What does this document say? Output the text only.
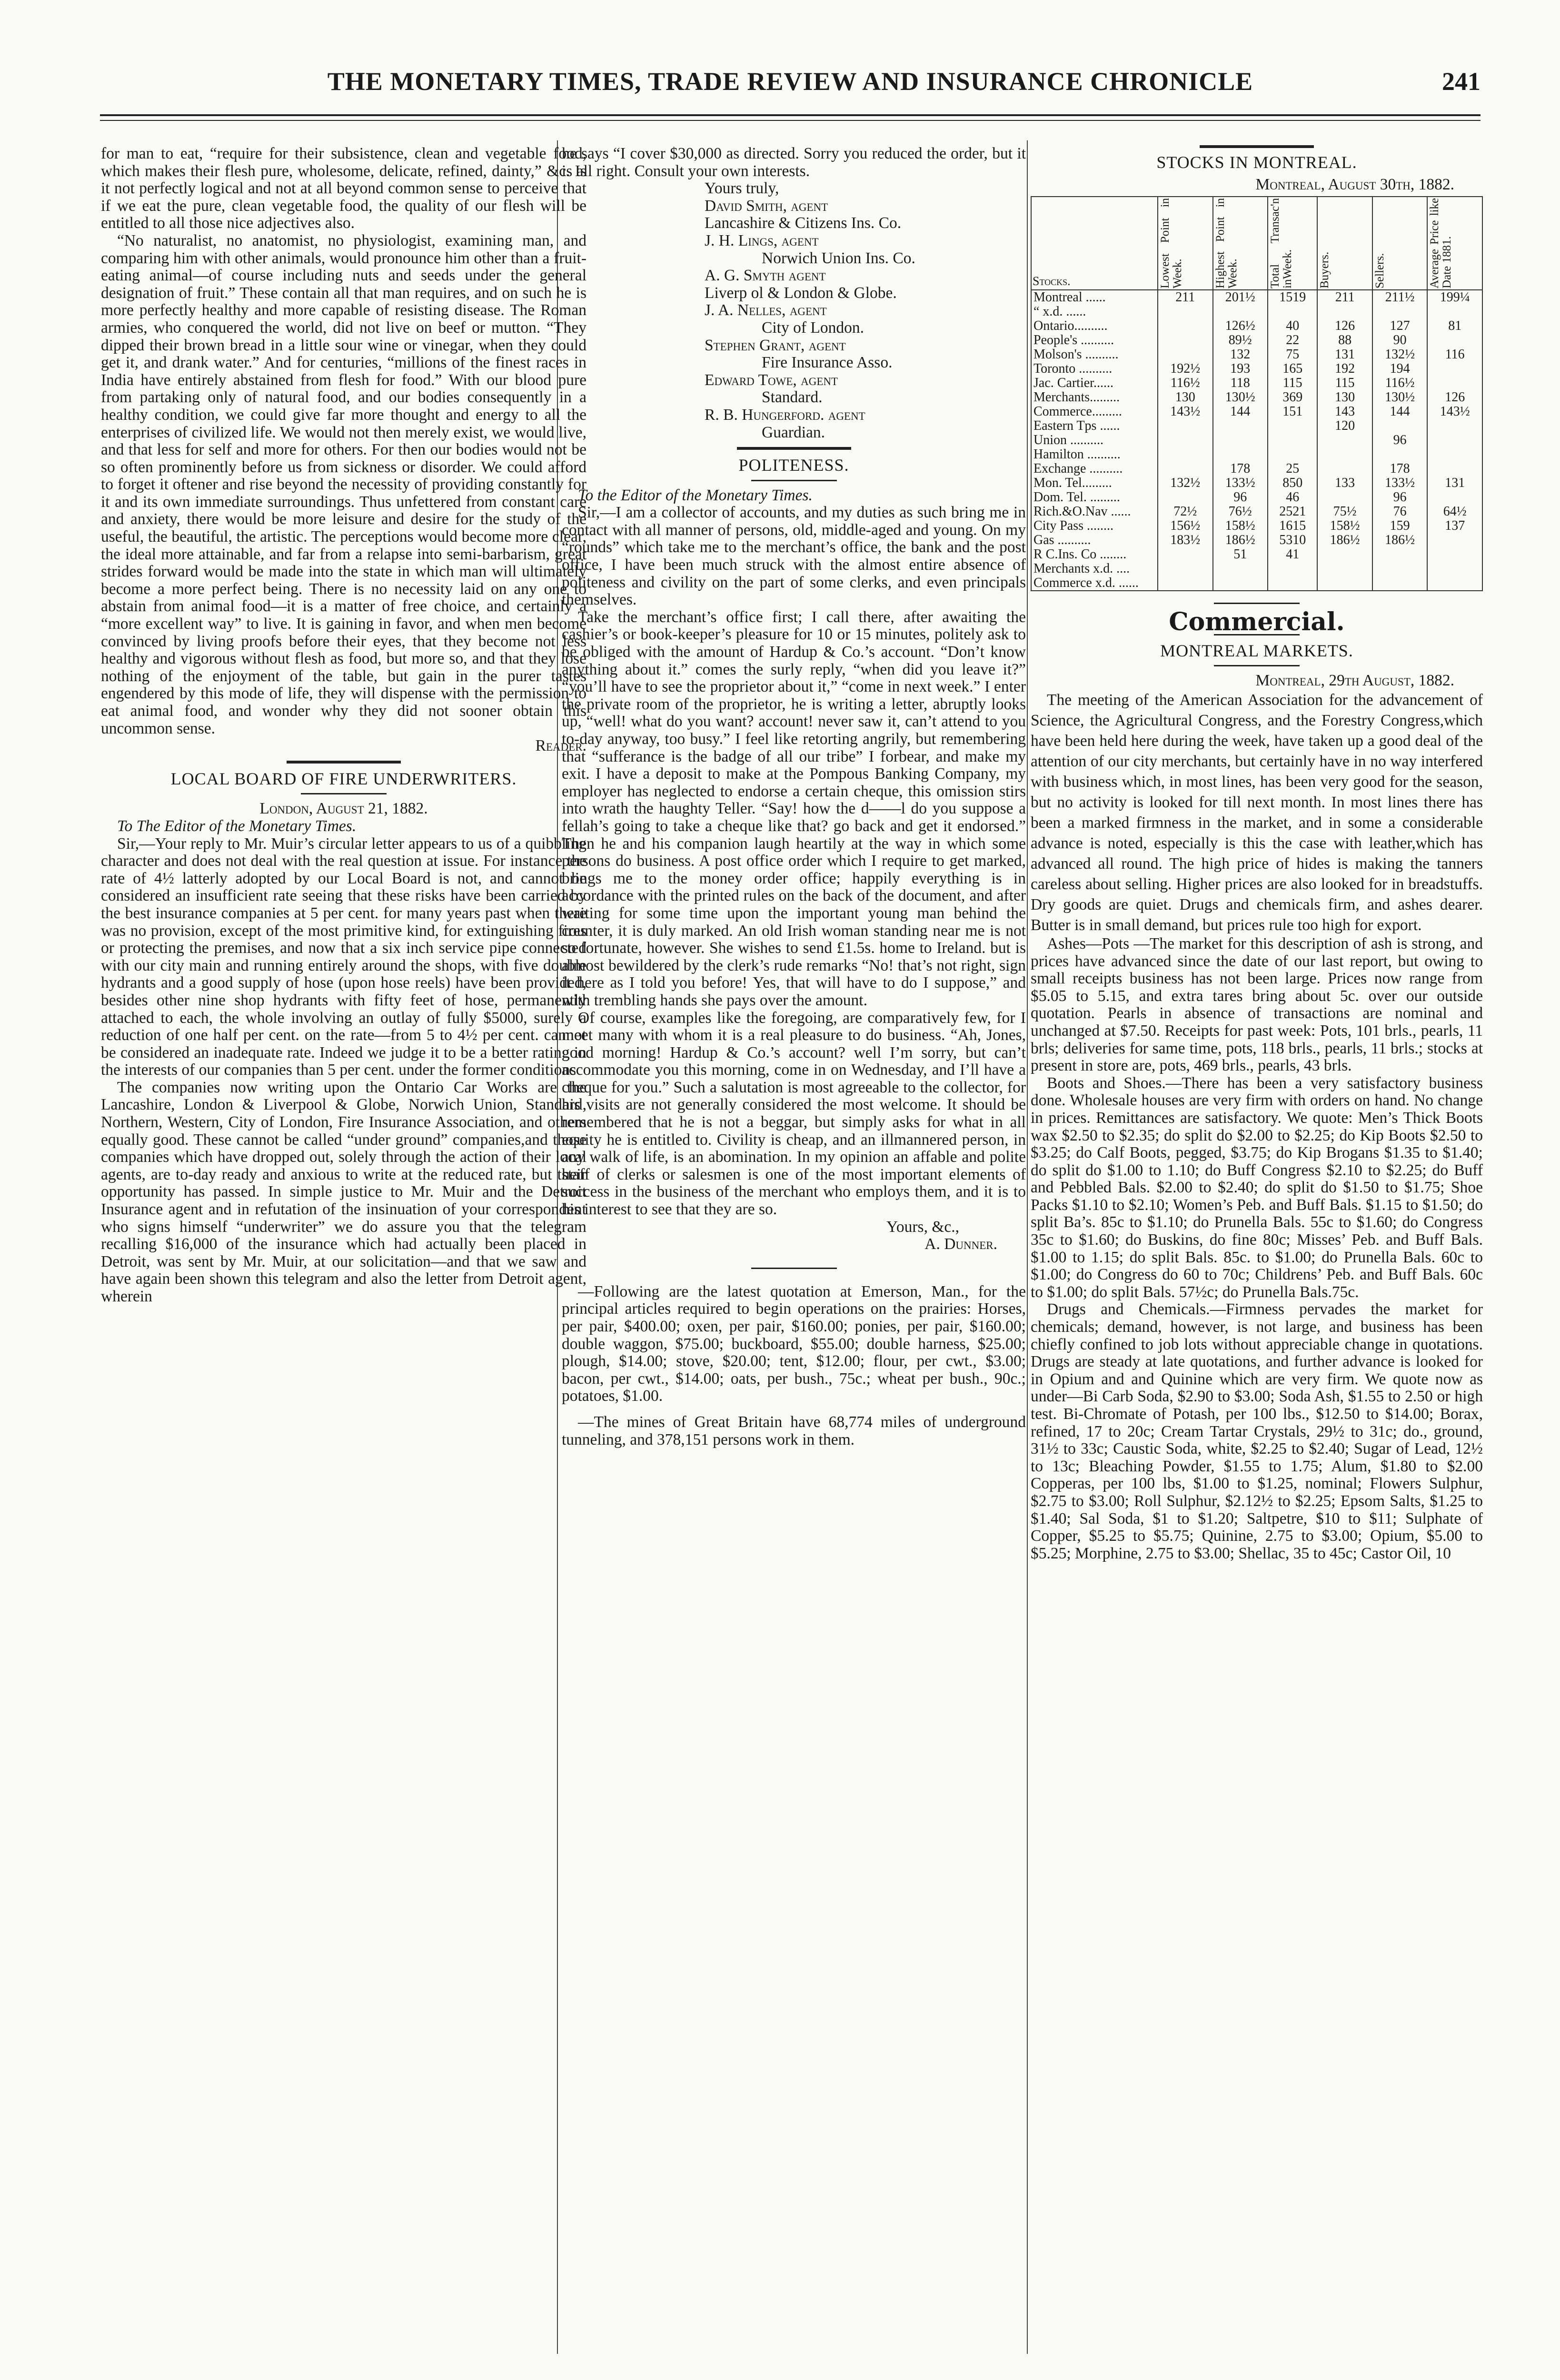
THE MONETARY TIMES, TRADE REVIEW AND INSURANCE CHRONICLE	241

for man to eat, “require for their subsistence, clean and vegetable food, which makes their flesh pure, wholesome, delicate, refined, dainty,” &c. Is it not perfectly logical and not at all beyond common sense to perceive that if we eat the pure, clean vegetable food, the quality of our flesh will be entitled to all those nice adjectives also.

“No naturalist, no anatomist, no physiologist, examining man, and comparing him with other animals, would pronounce him other than a fruit-eating animal—of course including nuts and seeds under the general designation of fruit.” These contain all that man requires, and on such he is more perfectly healthy and more capable of resisting disease. The Roman armies, who conquered the world, did not live on beef or mutton. “They dipped their brown bread in a little sour wine or vinegar, when they could get it, and drank water.” And for centuries, “millions of the finest races in India have entirely abstained from flesh for food.” With our blood pure from partaking only of natural food, and our bodies consequently in a healthy condition, we could give far more thought and energy to all the enterprises of civilized life. We would not then merely exist, we would live, and that less for self and more for others. For then our bodies would not be so often prominently before us from sickness or disorder. We could afford to forget it oftener and rise beyond the necessity of providing constantly for it and its own immediate surroundings. Thus unfettered from constant care and anxiety, there would be more leisure and desire for the study of the useful, the beautiful, the artistic. The perceptions would become more clear, the ideal more attainable, and far from a relapse into semi-barbarism, great strides forward would be made into the state in which man will ultimately become a more perfect being. There is no necessity laid on any one to abstain from animal food—it is a matter of free choice, and certainly a “more excellent way” to live. It is gaining in favor, and when men become convinced by living proofs before their eyes, that they become not less healthy and vigorous without flesh as food, but more so, and that they lose nothing of the enjoyment of the table, but gain in the purer tastes engendered by this mode of life, they will dispense with the permission to eat animal food, and wonder why they did not sooner obtain this uncommon sense.

Reader.

LOCAL BOARD OF FIRE UNDERWRITERS.

London, August 21, 1882.

To The Editor of the Monetary Times.

Sir,—Your reply to Mr. Muir’s circular letter appears to us of a quibbling character and does not deal with the real question at issue. For instance the rate of 4½ latterly adopted by our Local Board is not, and cannot be considered an insufficient rate seeing that these risks have been carried by the best insurance companies at 5 per cent. for many years past when there was no provision, except of the most primitive kind, for extinguishing fires or protecting the premises, and now that a six inch service pipe connected with our city main and running entirely around the shops, with five double hydrants and a good supply of hose (upon hose reels) have been provided, besides other nine shop hydrants with fifty feet of hose, permanently attached to each, the whole involving an outlay of fully $5000, surely a reduction of one half per cent. on the rate—from 5 to 4½ per cent. cannot be considered an inadequate rate. Indeed we judge it to be a better rating in the interests of our companies than 5 per cent. under the former conditions

The companies now writing upon the Ontario Car Works are the Lancashire, London & Liverpool & Globe, Norwich Union, Standard, Northern, Western, City of London, Fire Insurance Association, and others equally good. These cannot be called “under ground” companies,and those companies which have dropped out, solely through the action of their local agents, are to-day ready and anxious to write at the reduced rate, but their opportunity has passed. In simple justice to Mr. Muir and the Detroit Insurance agent and in refutation of the insinuation of your correspondent who signs himself “underwriter” we do assure you that the telegram recalling $16,000 of the insurance which had actually been placed in Detroit, was sent by Mr. Muir, at our solicitation—and that we saw and have again been shown this telegram and also the letter from Detroit agent, wherein

he says “I cover $30,000 as directed. Sorry you reduced the order, but it is all right. Consult your own interests.

Yours truly,

David Smith, agent

Lancashire & Citizens Ins. Co.

J. H. Lings, agent

Norwich Union Ins. Co.

A. G. Smyth agent

Liverp ol & London & Globe.

J. A. Nelles, agent

City of London.

Stephen Grant, agent

Fire Insurance Asso.

Edward Towe, agent

Standard.

R. B. Hungerford. agent

Guardian.

POLITENESS.

To the Editor of the Monetary Times.

Sir,—I am a collector of accounts, and my duties as such bring me in contact with all manner of persons, old, middle-aged and young. On my “rounds” which take me to the merchant’s office, the bank and the post office, I have been much struck with the almost entire absence of politeness and civility on the part of some clerks, and even principals themselves.

Take the merchant’s office first; I call there, after awaiting the cashier’s or book-keeper’s pleasure for 10 or 15 minutes, politely ask to be obliged with the amount of Hardup & Co.’s account. “Don’t know anything about it.” comes the surly reply, “when did you leave it?” “you’ll have to see the proprietor about it,” “come in next week.” I enter the private room of the proprietor, he is writing a letter, abruptly looks up, “well! what do you want? account! never saw it, can’t attend to you to-day anyway, too busy.” I feel like retorting angrily, but remembering that “sufferance is the badge of all our tribe” I forbear, and make my exit. I have a deposit to make at the Pompous Banking Company, my employer has neglected to endorse a certain cheque, this omission stirs into wrath the haughty Teller. “Say! how the d——l do you suppose a fellah’s going to take a cheque like that? go back and get it endorsed.” Then he and his companion laugh heartily at the way in which some persons do business. A post office order which I require to get marked, brings me to the money order office; happily everything is in accordance with the printed rules on the back of the document, and after waiting for some time upon the important young man behind the counter, it is duly marked. An old Irish woman standing near me is not so fortunate, however. She wishes to send £1.5s. home to Ireland. but is almost bewildered by the clerk’s rude remarks “No! that’s not right, sign it here as I told you before! Yes, that will have to do I suppose,” and with trembling hands she pays over the amount.

Of course, examples like the foregoing, are comparatively few, for I meet many with whom it is a real pleasure to do business. “Ah, Jones, good morning! Hardup & Co.’s account? well I’m sorry, but can’t accommodate you this morning, come in on Wednesday, and I’ll have a cheque for you.” Such a salutation is most agreeable to the collector, for his visits are not generally considered the most welcome. It should be remembered that he is not a beggar, but simply asks for what in all equity he is entitled to. Civility is cheap, and an illmannered person, in any walk of life, is an abomination. In my opinion an affable and polite staff of clerks or salesmen is one of the most important elements of success in the business of the merchant who employs them, and it is to his interest to see that they are so.

Yours, &c.,

A. Dunner.

—Following are the latest quotation at Emerson, Man., for the principal articles required to begin operations on the prairies: Horses, per pair, $400.00; oxen, per pair, $160.00; ponies, per pair, $160.00; double waggon, $75.00; buckboard, $55.00; double harness, $25.00; plough, $14.00; stove, $20.00; tent, $12.00; flour, per cwt., $3.00; bacon, per cwt., $14.00; oats, per bush., 75c.; wheat per bush., 90c.; potatoes, $1.00.

—The mines of Great Britain have 68,774 miles of underground tunneling, and 378,151 persons work in them.

STOCKS IN MONTREAL.

Montreal, August 30th, 1882.

Stocks.	Lowest Point in Week.	Highest Point in Week.	Total Transac'n inWeek.	Buyers.	Sellers.	Average Price like Date 1881.

Montreal ......	211	201½	1519	211	211½	199¼
“ x.d. ......						
Ontario..........		126½	40	126	127	81
People's ..........		89½	22	88	90	
Molson's ..........		132	75	131	132½	116
Toronto ..........	192½	193	165	192	194	
Jac. Cartier......	116½	118	115	115	116½	
Merchants.........	130	130½	369	130	130½	126
Commerce.........	143½	144	151	143	144	143½
Eastern Tps ......				120		
Union ..........					96	
Hamilton ..........						
Exchange ..........		178	25		178	
Mon. Tel.........	132½	133½	850	133	133½	131
Dom. Tel. .........		96	46		96	
Rich.&O.Nav ......	72½	76½	2521	75½	76	64½
City Pass ........	156½	158½	1615	158½	159	137
Gas ..........	183½	186½	5310	186½	186½	
R C.Ins. Co ........		51	41			
Merchants x.d. ....						
Commerce x.d. ......						
Commercial.
MONTREAL MARKETS.

Montreal, 29th August, 1882.

The meeting of the American Association for the advancement of Science, the Agricultural Congress, and the Forestry Congress,which have been held here during the week, have taken up a good deal of the attention of our city merchants, but certainly have in no way interfered with business which, in most lines, has been very good for the season, but no activity is looked for till next month. In most lines there has been a marked firmness in the market, and in some a considerable advance is noted, especially is this the case with leather,which has advanced all round. The high price of hides is making the tanners careless about selling. Higher prices are also looked for in breadstuffs. Dry goods are quiet. Drugs and chemicals firm, and ashes dearer. Butter is in small demand, but prices rule too high for export.

Ashes—Pots —The market for this description of ash is strong, and prices have advanced since the date of our last report, but owing to small receipts business has not been large. Prices now range from $5.05 to 5.15, and extra tares bring about 5c. over our outside quotation. Pearls in absence of transactions are nominal and unchanged at $7.50. Receipts for past week: Pots, 101 brls., pearls, 11 brls; deliveries for same time, pots, 118 brls., pearls, 11 brls.; stocks at present in store are, pots, 469 brls., pearls, 43 brls.

Boots and Shoes.—There has been a very satisfactory business done. Wholesale houses are very firm with orders on hand. No change in prices. Remittances are satisfactory. We quote: Men’s Thick Boots wax $2.50 to $2.35; do split do $2.00 to $2.25; do Kip Boots $2.50 to $3.25; do Calf Boots, pegged, $3.75; do Kip Brogans $1.35 to $1.40; do split do $1.00 to 1.10; do Buff Congress $2.10 to $2.25; do Buff and Pebbled Bals. $2.00 to $2.40; do split do $1.50 to $1.75; Shoe Packs $1.10 to $2.10; Women’s Peb. and Buff Bals. $1.15 to $1.50; do split Ba’s. 85c to $1.10; do Prunella Bals. 55c to $1.60; do Congress 35c to $1.60; do Buskins, do fine 80c; Misses’ Peb. and Buff Bals. $1.00 to 1.15; do split Bals. 85c. to $1.00; do Prunella Bals. 60c to $1.00; do Congress do 60 to 70c; Childrens’ Peb. and Buff Bals. 60c to $1.00; do split Bals. 57½c; do Prunella Bals.75c.

Drugs and Chemicals.—Firmness pervades the market for chemicals; demand, however, is not large, and business has been chiefly confined to job lots without appreciable change in quotations. Drugs are steady at late quotations, and further advance is looked for in Opium and and Quinine which are very firm. We quote now as under—Bi Carb Soda, $2.90 to $3.00; Soda Ash, $1.55 to 2.50 or high test. Bi-Chromate of Potash, per 100 lbs., $12.50 to $14.00; Borax, refined, 17 to 20c; Cream Tartar Crystals, 29½ to 31c; do., ground, 31½ to 33c; Caustic Soda, white, $2.25 to $2.40; Sugar of Lead, 12½ to 13c; Bleaching Powder, $1.55 to 1.75; Alum, $1.80 to $2.00 Copperas, per 100 lbs, $1.00 to $1.25, nominal; Flowers Sulphur, $2.75 to $3.00; Roll Sulphur, $2.12½ to $2.25; Epsom Salts, $1.25 to $1.40; Sal Soda, $1 to $1.20; Saltpetre, $10 to $11; Sulphate of Copper, $5.25 to $5.75; Quinine, 2.75 to $3.00; Opium, $5.00 to $5.25; Morphine, 2.75 to $3.00; Shellac, 35 to 45c; Castor Oil, 10
